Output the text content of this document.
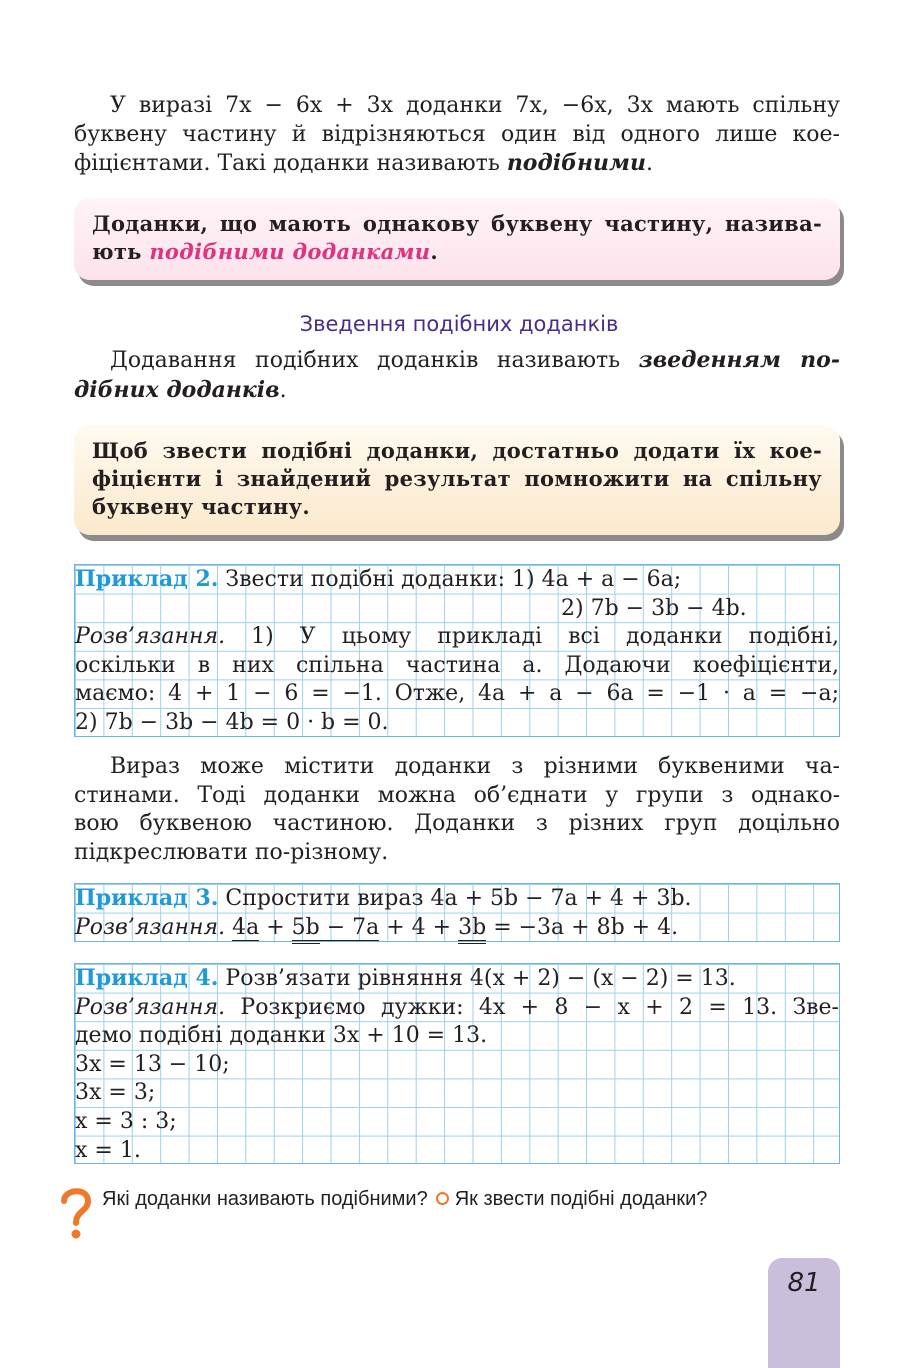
У виразі 7x − 6x + 3x доданки 7x, −6x, 3x мають спільну
буквену частину й відрізняються один від одного лише кое-
фіцієнтами. Такі доданки називають подібними.
Доданки, що мають однакову буквену частину, назива-
ють подібними доданками.
Зведення подібних доданків
Додавання подібних доданків називають зведенням по-
дібних доданків.
Щоб звести подібні доданки, достатньо додати їх кое-
фіцієнти і знайдений результат помножити на спільну
буквену частину.
Приклад 2. Звести подібні доданки: 1) 4a + a − 6a;
2) 7b − 3b − 4b.
Розв’язання. 1) У цьому прикладі всі доданки подібні,
оскільки в них спільна частина a. Додаючи коефіцієнти,
маємо: 4 + 1 − 6 = −1. Отже, 4a + a − 6a = −1 · a = −a;
2) 7b − 3b − 4b = 0 · b = 0.
Вираз може містити доданки з різними буквеними ча-
стинами. Тоді доданки можна об’єднати у групи з однако-
вою буквеною частиною. Доданки з різних груп доцільно
підкреслювати по-різному.
Приклад 3. Спростити вираз 4a + 5b − 7a + 4 + 3b.
Розв’язання. 4a + 5b − 7a + 4 + 3b = −3a + 8b + 4.
Приклад 4. Розв’язати рівняння 4(x + 2) − (x − 2) = 13.
Розв’язання. Розкриємо дужки: 4x + 8 − x + 2 = 13. Зве-
демо подібні доданки 3x + 10 = 13.
3x = 13 − 10;
3x = 3;
x = 3 : 3;
x = 1.
Які доданки називають подібними? Як звести подібні доданки?
81
